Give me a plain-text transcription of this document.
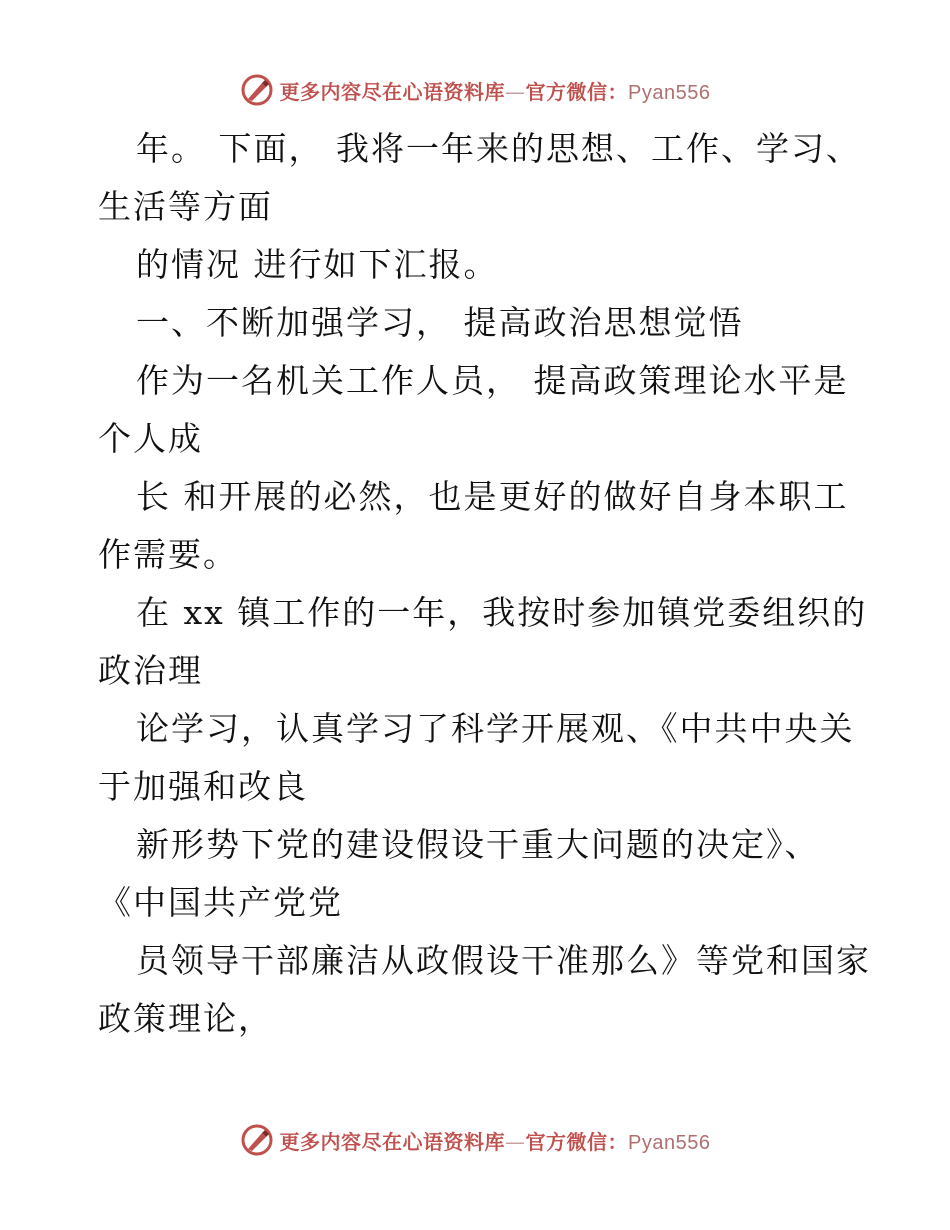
更多内容尽在心语资料库—官方微信：Pyan556
年。 下面， 我将一年来的思想、工作、学习、
生活等方面
的情况 进行如下汇报。
一、不断加强学习， 提高政治思想觉悟
作为一名机关工作人员， 提高政策理论水平是
个人成
长 和开展的必然，也是更好的做好自身本职工
作需要。
在 xx 镇工作的一年，我按时参加镇党委组织的
政治理
论学习，认真学习了科学开展观、《中共中央关
于加强和改良
新形势下党的建设假设干重大问题的决定》、
《中国共产党党
员领导干部廉洁从政假设干准那么》等党和国家
政策理论，
更多内容尽在心语资料库—官方微信：Pyan556
